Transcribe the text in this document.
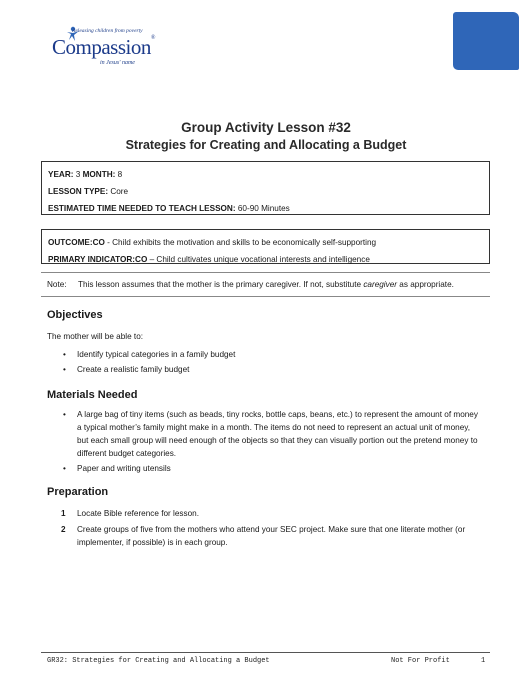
Releasing children from poverty
Compassion®
in Jesus' name
Group Activity Lesson #32
Strategies for Creating and Allocating a Budget
YEAR: 3 MONTH: 8
LESSON TYPE: Core
ESTIMATED TIME NEEDED TO TEACH LESSON: 60-90 Minutes
OUTCOME:CO - Child exhibits the motivation and skills to be economically self-supporting
PRIMARY INDICATOR:CO – Child cultivates unique vocational interests and intelligence
Note: This lesson assumes that the mother is the primary caregiver. If not, substitute caregiver as appropriate.
Objectives
The mother will be able to:
• Identify typical categories in a family budget
• Create a realistic family budget
Materials Needed
• A large bag of tiny items (such as beads, tiny rocks, bottle caps, beans, etc.) to represent the amount of money a typical mother’s family might make in a month. The items do not need to represent an actual unit of money, but each small group will need enough of the objects so that they can visually portion out the pretend money to different budget categories.
• Paper and writing utensils
Preparation
1 Locate Bible reference for lesson.
2 Create groups of five from the mothers who attend your SEC project. Make sure that one literate mother (or implementer, if possible) is in each group.
GR32: Strategies for Creating and Allocating a Budget	Not For Profit	1
